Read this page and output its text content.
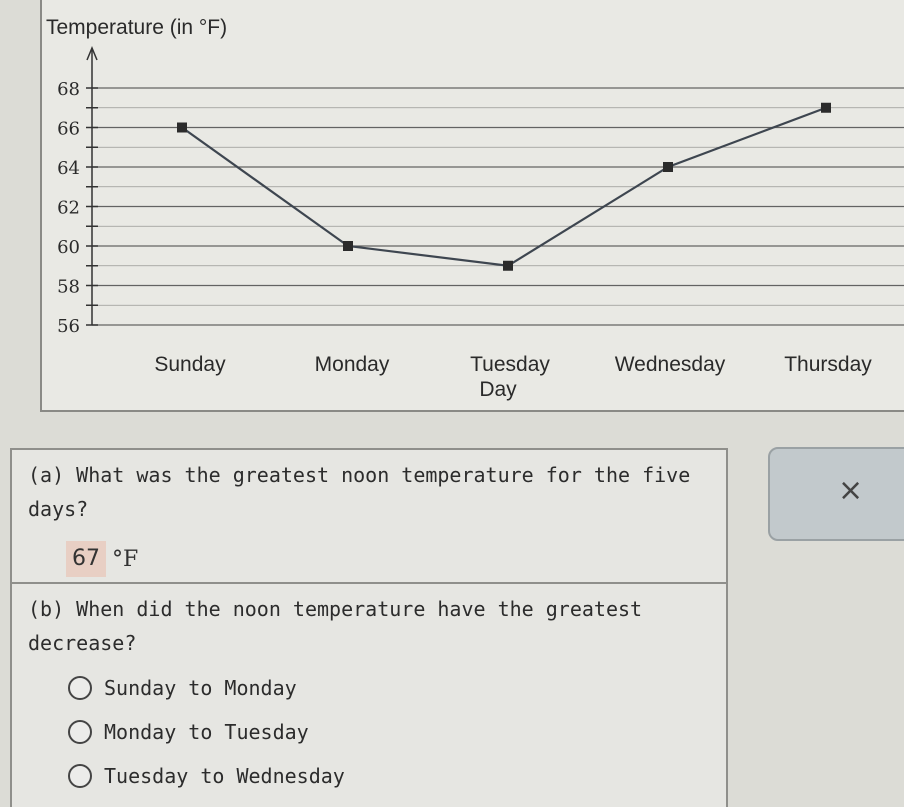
68
66
64
62
60
58
56
Temperature (in °F)
Sunday	Monday	Tuesday	Wednesday	Thursday
Day
(a) What was the greatest noon temperature for the five
days?
67 °F
(b) When did the noon temperature have the greatest
decrease?
Sunday to Monday
Monday to Tuesday
Tuesday to Wednesday
×
